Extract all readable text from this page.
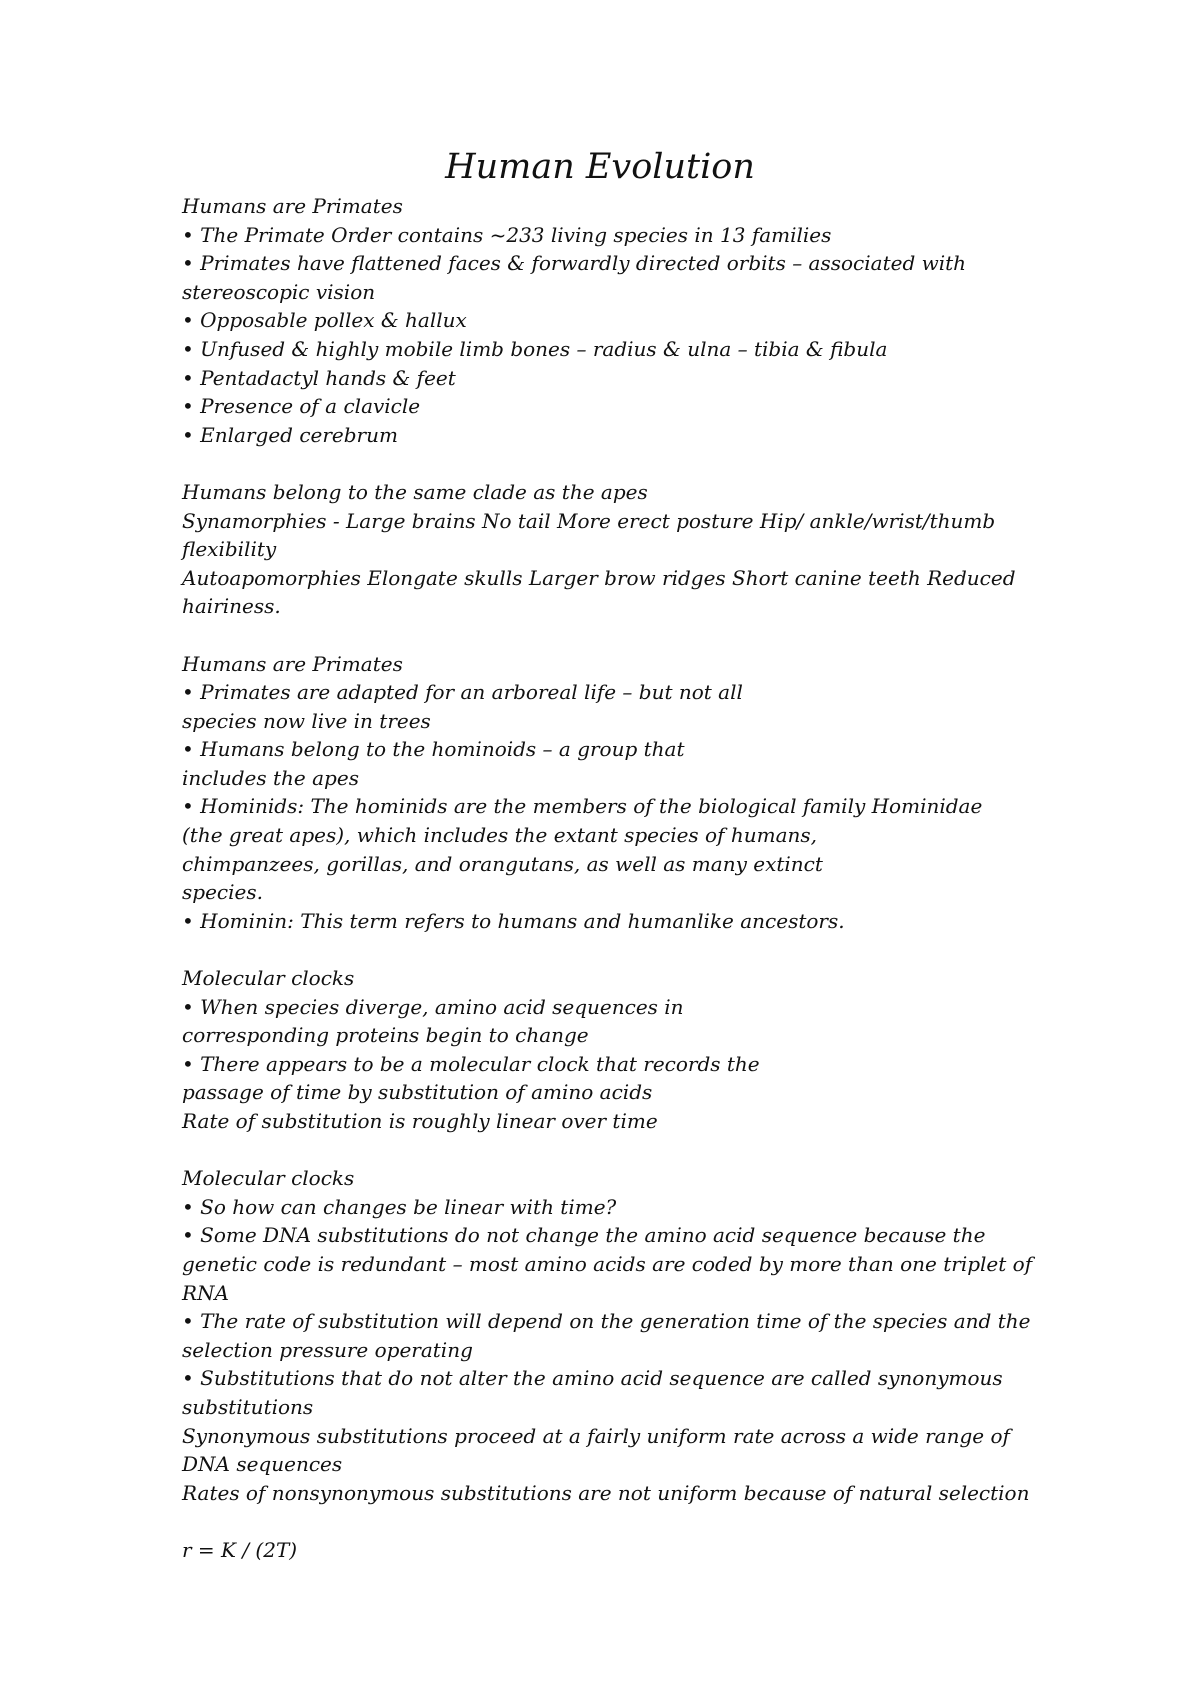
Human Evolution
Humans are Primates
• The Primate Order contains ~233 living species in 13 families
• Primates have flattened faces & forwardly directed orbits – associated with
stereoscopic vision
• Opposable pollex & hallux
• Unfused & highly mobile limb bones – radius & ulna – tibia & fibula
• Pentadactyl hands & feet
• Presence of a clavicle
• Enlarged cerebrum
Humans belong to the same clade as the apes
Synamorphies - Large brains No tail More erect posture Hip/ ankle/wrist/thumb
flexibility
Autoapomorphies Elongate skulls Larger brow ridges Short canine teeth Reduced
hairiness.
Humans are Primates
• Primates are adapted for an arboreal life – but not all
species now live in trees
• Humans belong to the hominoids – a group that
includes the apes
• Hominids: The hominids are the members of the biological family Hominidae
(the great apes), which includes the extant species of humans,
chimpanzees, gorillas, and orangutans, as well as many extinct
species.
• Hominin: This term refers to humans and humanlike ancestors.
Molecular clocks
• When species diverge, amino acid sequences in
corresponding proteins begin to change
• There appears to be a molecular clock that records the
passage of time by substitution of amino acids
Rate of substitution is roughly linear over time
Molecular clocks
• So how can changes be linear with time?
• Some DNA substitutions do not change the amino acid sequence because the
genetic code is redundant – most amino acids are coded by more than one triplet of
RNA
• The rate of substitution will depend on the generation time of the species and the
selection pressure operating
• Substitutions that do not alter the amino acid sequence are called synonymous
substitutions
Synonymous substitutions proceed at a fairly uniform rate across a wide range of
DNA sequences
Rates of nonsynonymous substitutions are not uniform because of natural selection
r = K / (2T)
